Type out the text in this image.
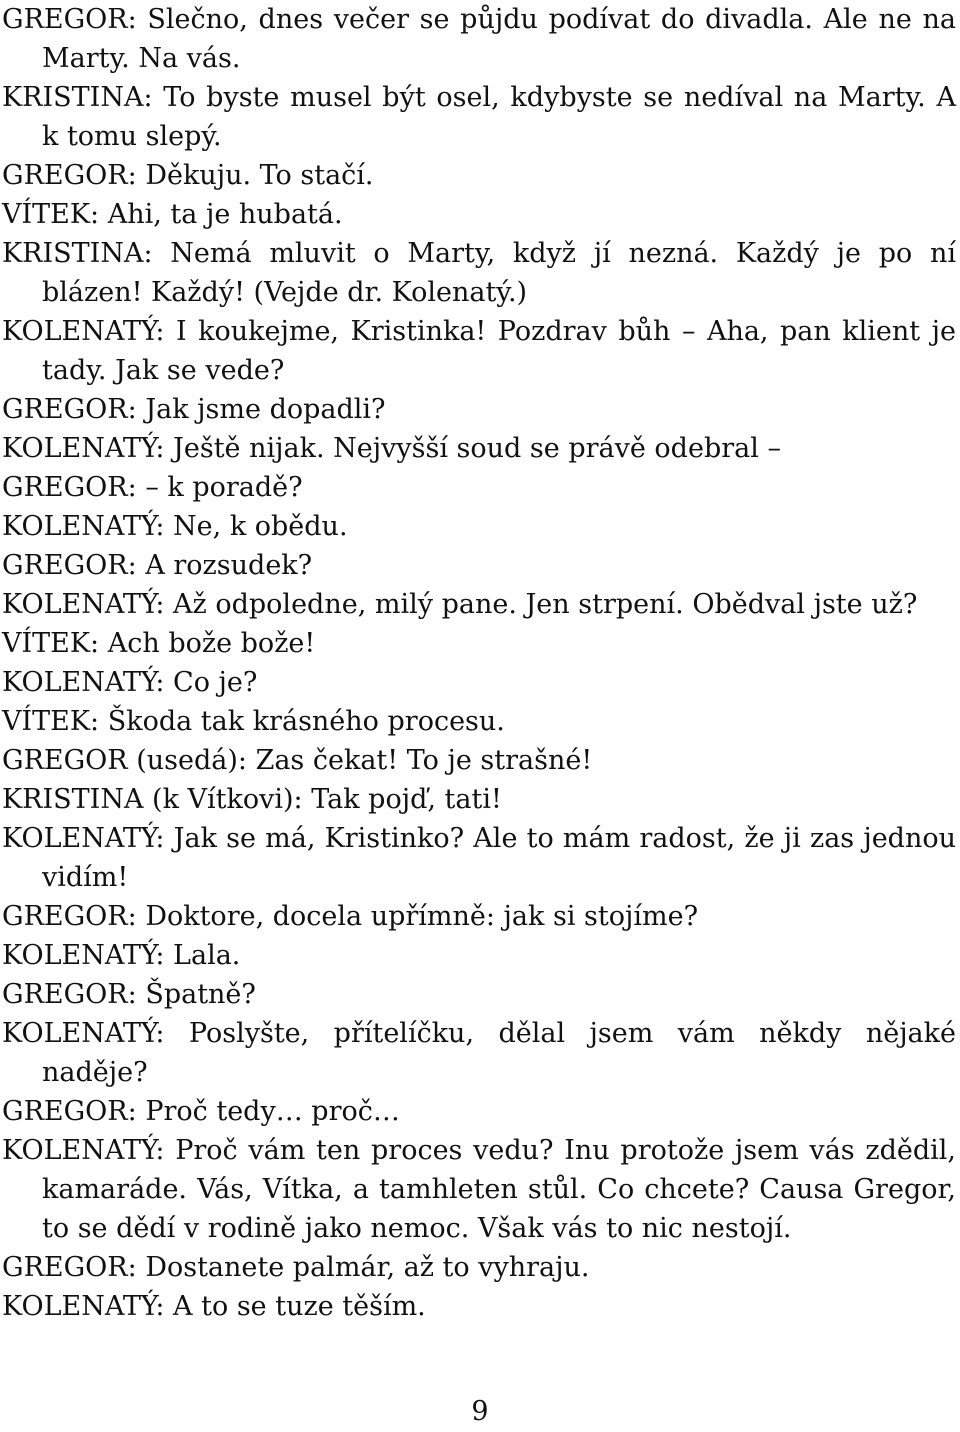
GREGOR: Slečno, dnes večer se půjdu podívat do divadla. Ale ne na Marty. Na vás.

KRISTINA: To byste musel být osel, kdybyste se nedíval na Marty. A k tomu slepý.

GREGOR: Děkuju. To stačí.

VÍTEK: Ahi, ta je hubatá.

KRISTINA: Nemá mluvit o Marty, když jí nezná. Každý je po ní blázen! Každý! (Vejde dr. Kolenatý.)

KOLENATÝ: I koukejme, Kristinka! Pozdrav bůh – Aha, pan klient je tady. Jak se vede?

GREGOR: Jak jsme dopadli?

KOLENATÝ: Ještě nijak. Nejvyšší soud se právě odebral –

GREGOR: – k poradě?

KOLENATÝ: Ne, k obědu.

GREGOR: A rozsudek?

KOLENATÝ: Až odpoledne, milý pane. Jen strpení. Obědval jste už?

VÍTEK: Ach bože bože!

KOLENATÝ: Co je?

VÍTEK: Škoda tak krásného procesu.

GREGOR (usedá): Zas čekat! To je strašné!

KRISTINA (k Vítkovi): Tak pojď, tati!

KOLENATÝ: Jak se má, Kristinko? Ale to mám radost, že ji zas jednou vidím!

GREGOR: Doktore, docela upřímně: jak si stojíme?

KOLENATÝ: Lala.

GREGOR: Špatně?

KOLENATÝ: Poslyšte, přítelíčku, dělal jsem vám někdy nějaké naděje?

GREGOR: Proč tedy… proč…

KOLENATÝ: Proč vám ten proces vedu? Inu protože jsem vás zdědil, kamaráde. Vás, Vítka, a tamhleten stůl. Co chcete? Causa Gregor, to se dědí v rodině jako nemoc. Však vás to nic nestojí.

GREGOR: Dostanete palmár, až to vyhraju.

KOLENATÝ: A to se tuze těším.

9
